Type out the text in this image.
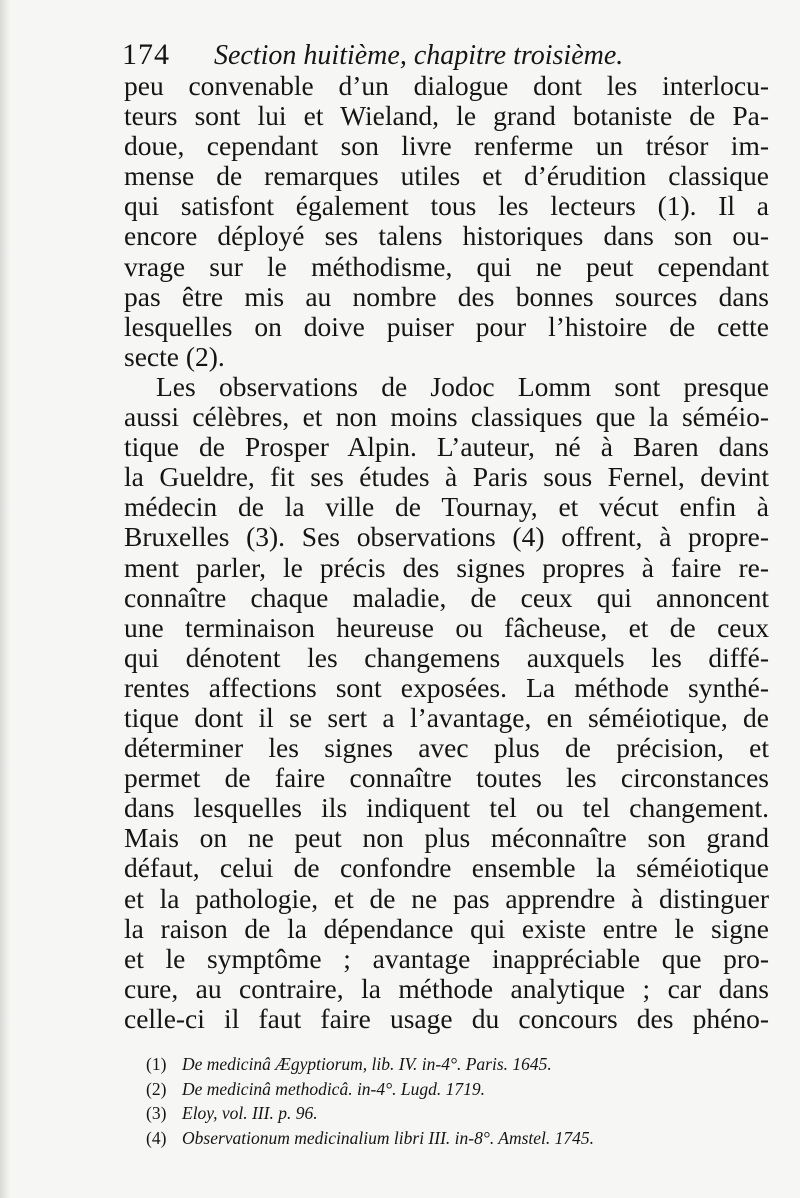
174 Section huitième, chapitre troisième.
peu convenable d’un dialogue dont les interlocu-
teurs sont lui et Wieland, le grand botaniste de Pa-
doue, cependant son livre renferme un trésor im-
mense de remarques utiles et d’érudition classique
qui satisfont également tous les lecteurs (1). Il a
encore déployé ses talens historiques dans son ou-
vrage sur le méthodisme, qui ne peut cependant
pas être mis au nombre des bonnes sources dans
lesquelles on doive puiser pour l’histoire de cette
secte (2).
Les observations de Jodoc Lomm sont presque
aussi célèbres, et non moins classiques que la séméio-
tique de Prosper Alpin. L’auteur, né à Baren dans
la Gueldre, fit ses études à Paris sous Fernel, devint
médecin de la ville de Tournay, et vécut enfin à
Bruxelles (3). Ses observations (4) offrent, à propre-
ment parler, le précis des signes propres à faire re-
connaître chaque maladie, de ceux qui annoncent
une terminaison heureuse ou fâcheuse, et de ceux
qui dénotent les changemens auxquels les diffé-
rentes affections sont exposées. La méthode synthé-
tique dont il se sert a l’avantage, en séméiotique, de
déterminer les signes avec plus de précision, et
permet de faire connaître toutes les circonstances
dans lesquelles ils indiquent tel ou tel changement.
Mais on ne peut non plus méconnaître son grand
défaut, celui de confondre ensemble la séméiotique
et la pathologie, et de ne pas apprendre à distinguer
la raison de la dépendance qui existe entre le signe
et le symptôme ; avantage inappréciable que pro-
cure, au contraire, la méthode analytique ; car dans
celle-ci il faut faire usage du concours des phéno-
(1) De medicinâ Ægyptiorum, lib. IV. in-4°. Paris. 1645.
(2) De medicinâ methodicâ. in-4°. Lugd. 1719.
(3) Eloy, vol. III. p. 96.
(4) Observationum medicinalium libri III. in-8°. Amstel. 1745.
